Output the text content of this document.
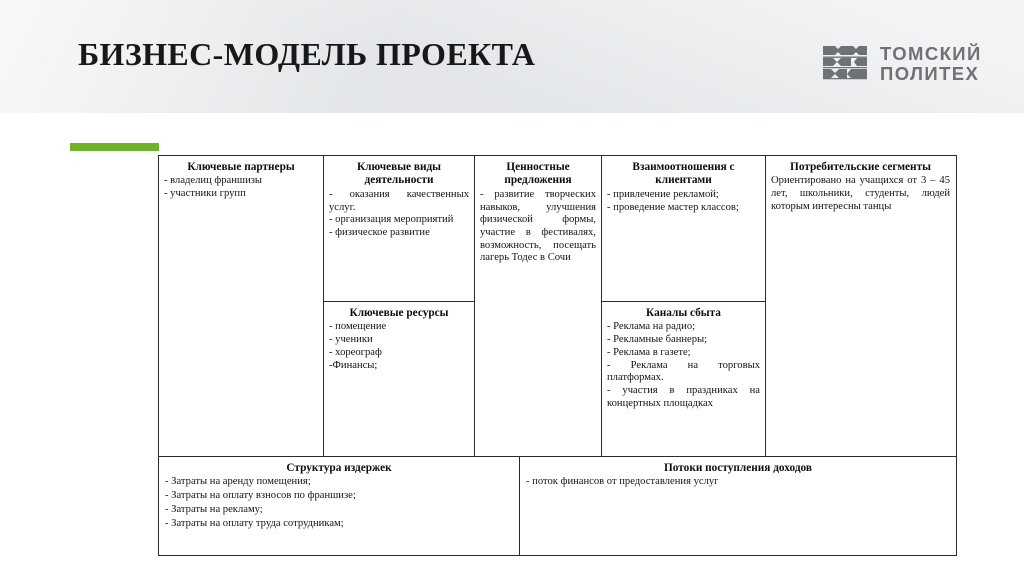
БИЗНЕС-МОДЕЛЬ ПРОЕКТА	ТОМСКИЙ
ПОЛИТЕХ
Ключевые партнеры

- владелиц франшизы

- участники групп

Ключевые виды деятельности

- оказания качественных услуг.

- организация мероприятий

- физическое развитие

Ключевые ресурсы

- помещение

- ученики

- хореограф

-Финансы;

Ценностные предложения

- развитие творческих навыков, улучшения физической формы, участие в фестивалях, возможность, посещать лагерь Тодес в Сочи

Взаимоотношения с клиентами

- привлечение рекламой;

- проведение мастер классов;

Каналы сбыта

- Реклама на радио;

- Рекламные баннеры;

- Реклама в газете;

- Реклама на торговых платформах.

- участия в праздниках на концертных площадках

Потребительские сегменты

Ориентировано на учащихся от 3 – 45 лет, школьники, студенты, людей которым интересны танцы

Структура издержек

- Затраты на аренду помещения;

- Затраты на оплату взносов по франшизе;

- Затраты на рекламу;

- Затраты на оплату труда сотрудникам;

Потоки поступления доходов

- поток финансов от предоставления услуг
